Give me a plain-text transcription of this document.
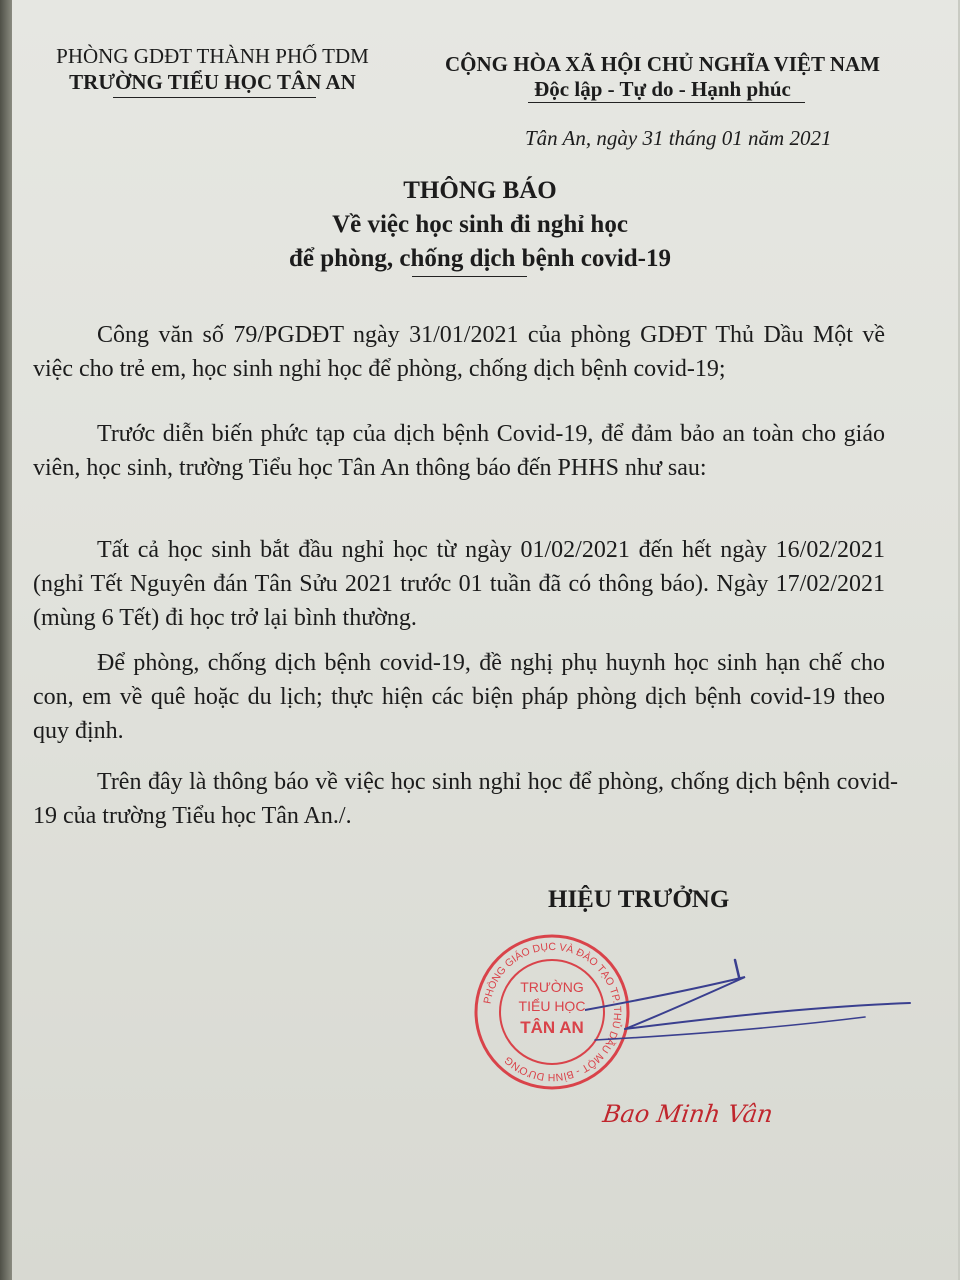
PHÒNG GDĐT THÀNH PHỐ TDM
TRƯỜNG TIỂU HỌC TÂN AN
CỘNG HÒA XÃ HỘI CHỦ NGHĨA VIỆT NAM
Độc lập - Tự do - Hạnh phúc
Tân An, ngày 31 tháng 01 năm 2021
THÔNG BÁO
Về việc học sinh đi nghỉ học
để phòng, chống dịch bệnh covid-19
Công văn số 79/PGDĐT ngày 31/01/2021 của phòng GDĐT Thủ Dầu Một về việc cho trẻ em, học sinh nghỉ học để phòng, chống dịch bệnh covid-19;
Trước diễn biến phức tạp của dịch bệnh Covid-19, để đảm bảo an toàn cho giáo viên, học sinh, trường Tiểu học Tân An thông báo đến PHHS như sau:
Tất cả học sinh bắt đầu nghỉ học từ ngày 01/02/2021 đến hết ngày 16/02/2021 (nghỉ Tết Nguyên đán Tân Sửu 2021 trước 01 tuần đã có thông báo). Ngày 17/02/2021 (mùng 6 Tết) đi học trở lại bình thường.
Để phòng, chống dịch bệnh covid-19, đề nghị phụ huynh học sinh hạn chế cho con, em về quê hoặc du lịch; thực hiện các biện pháp phòng dịch bệnh covid-19 theo quy định.
Trên đây là thông báo về việc học sinh nghỉ học để phòng, chống dịch bệnh covid-19 của trường Tiểu học Tân An./.
HIỆU TRƯỞNG
PHÒNG GIÁO DỤC VÀ ĐÀO TẠO TP. THỦ DẦU MỘT - BÌNH DƯƠNG
TRƯỜNG
TIỂU HỌC
TÂN AN
Bao Minh Vân
